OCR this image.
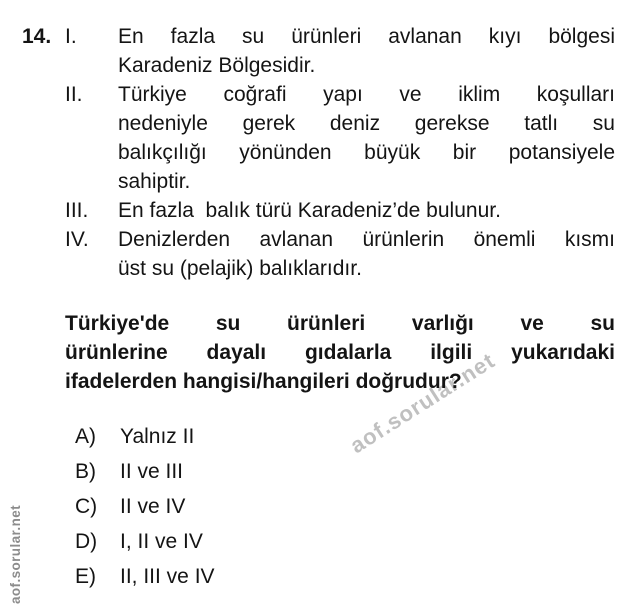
aof.sorular.net
aof.sorular.net
14. I.	En fazla su ürünleri avlanan kıyı bölgesi
Karadeniz Bölgesidir.
II.	Türkiye coğrafi yapı ve iklim koşulları
nedeniyle gerek deniz gerekse tatlı su
balıkçılığı yönünden büyük bir potansiyele
sahiptir.
III.	En fazla  balık türü Karadeniz’de bulunur.
IV.	Denizlerden avlanan ürünlerin önemli kısmı
üst su (pelajik) balıklarıdır.
Türkiye'de su ürünleri varlığı ve su
ürünlerine dayalı gıdalarla ilgili yukarıdaki
ifadelerden hangisi/hangileri doğrudur?
A)	Yalnız II
B)	II ve III
C)	II ve IV
D)	I, II ve IV
E)	II, III ve IV
